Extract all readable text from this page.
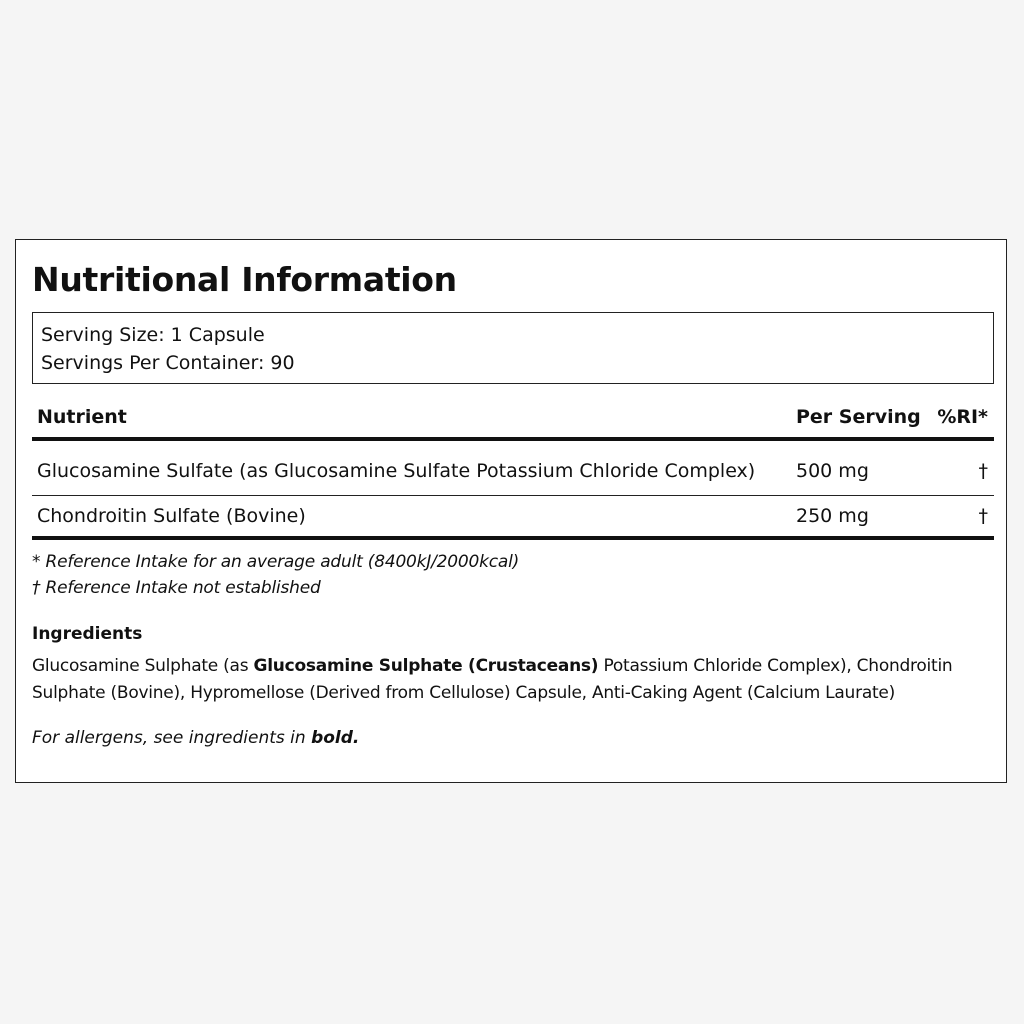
Nutritional Information
Serving Size: 1 Capsule
Servings Per Container: 90
Nutrient	Per Serving	%RI*
Glucosamine Sulfate (as Glucosamine Sulfate Potassium Chloride Complex)	500 mg	†
Chondroitin Sulfate (Bovine)	250 mg	†
* Reference Intake for an average adult (8400kJ/2000kcal)
† Reference Intake not established
Ingredients

Glucosamine Sulphate (as Glucosamine Sulphate (Crustaceans) Potassium Chloride Complex), Chondroitin Sulphate (Bovine), Hypromellose (Derived from Cellulose) Capsule, Anti-Caking Agent (Calcium Laurate)

For allergens, see ingredients in bold.
